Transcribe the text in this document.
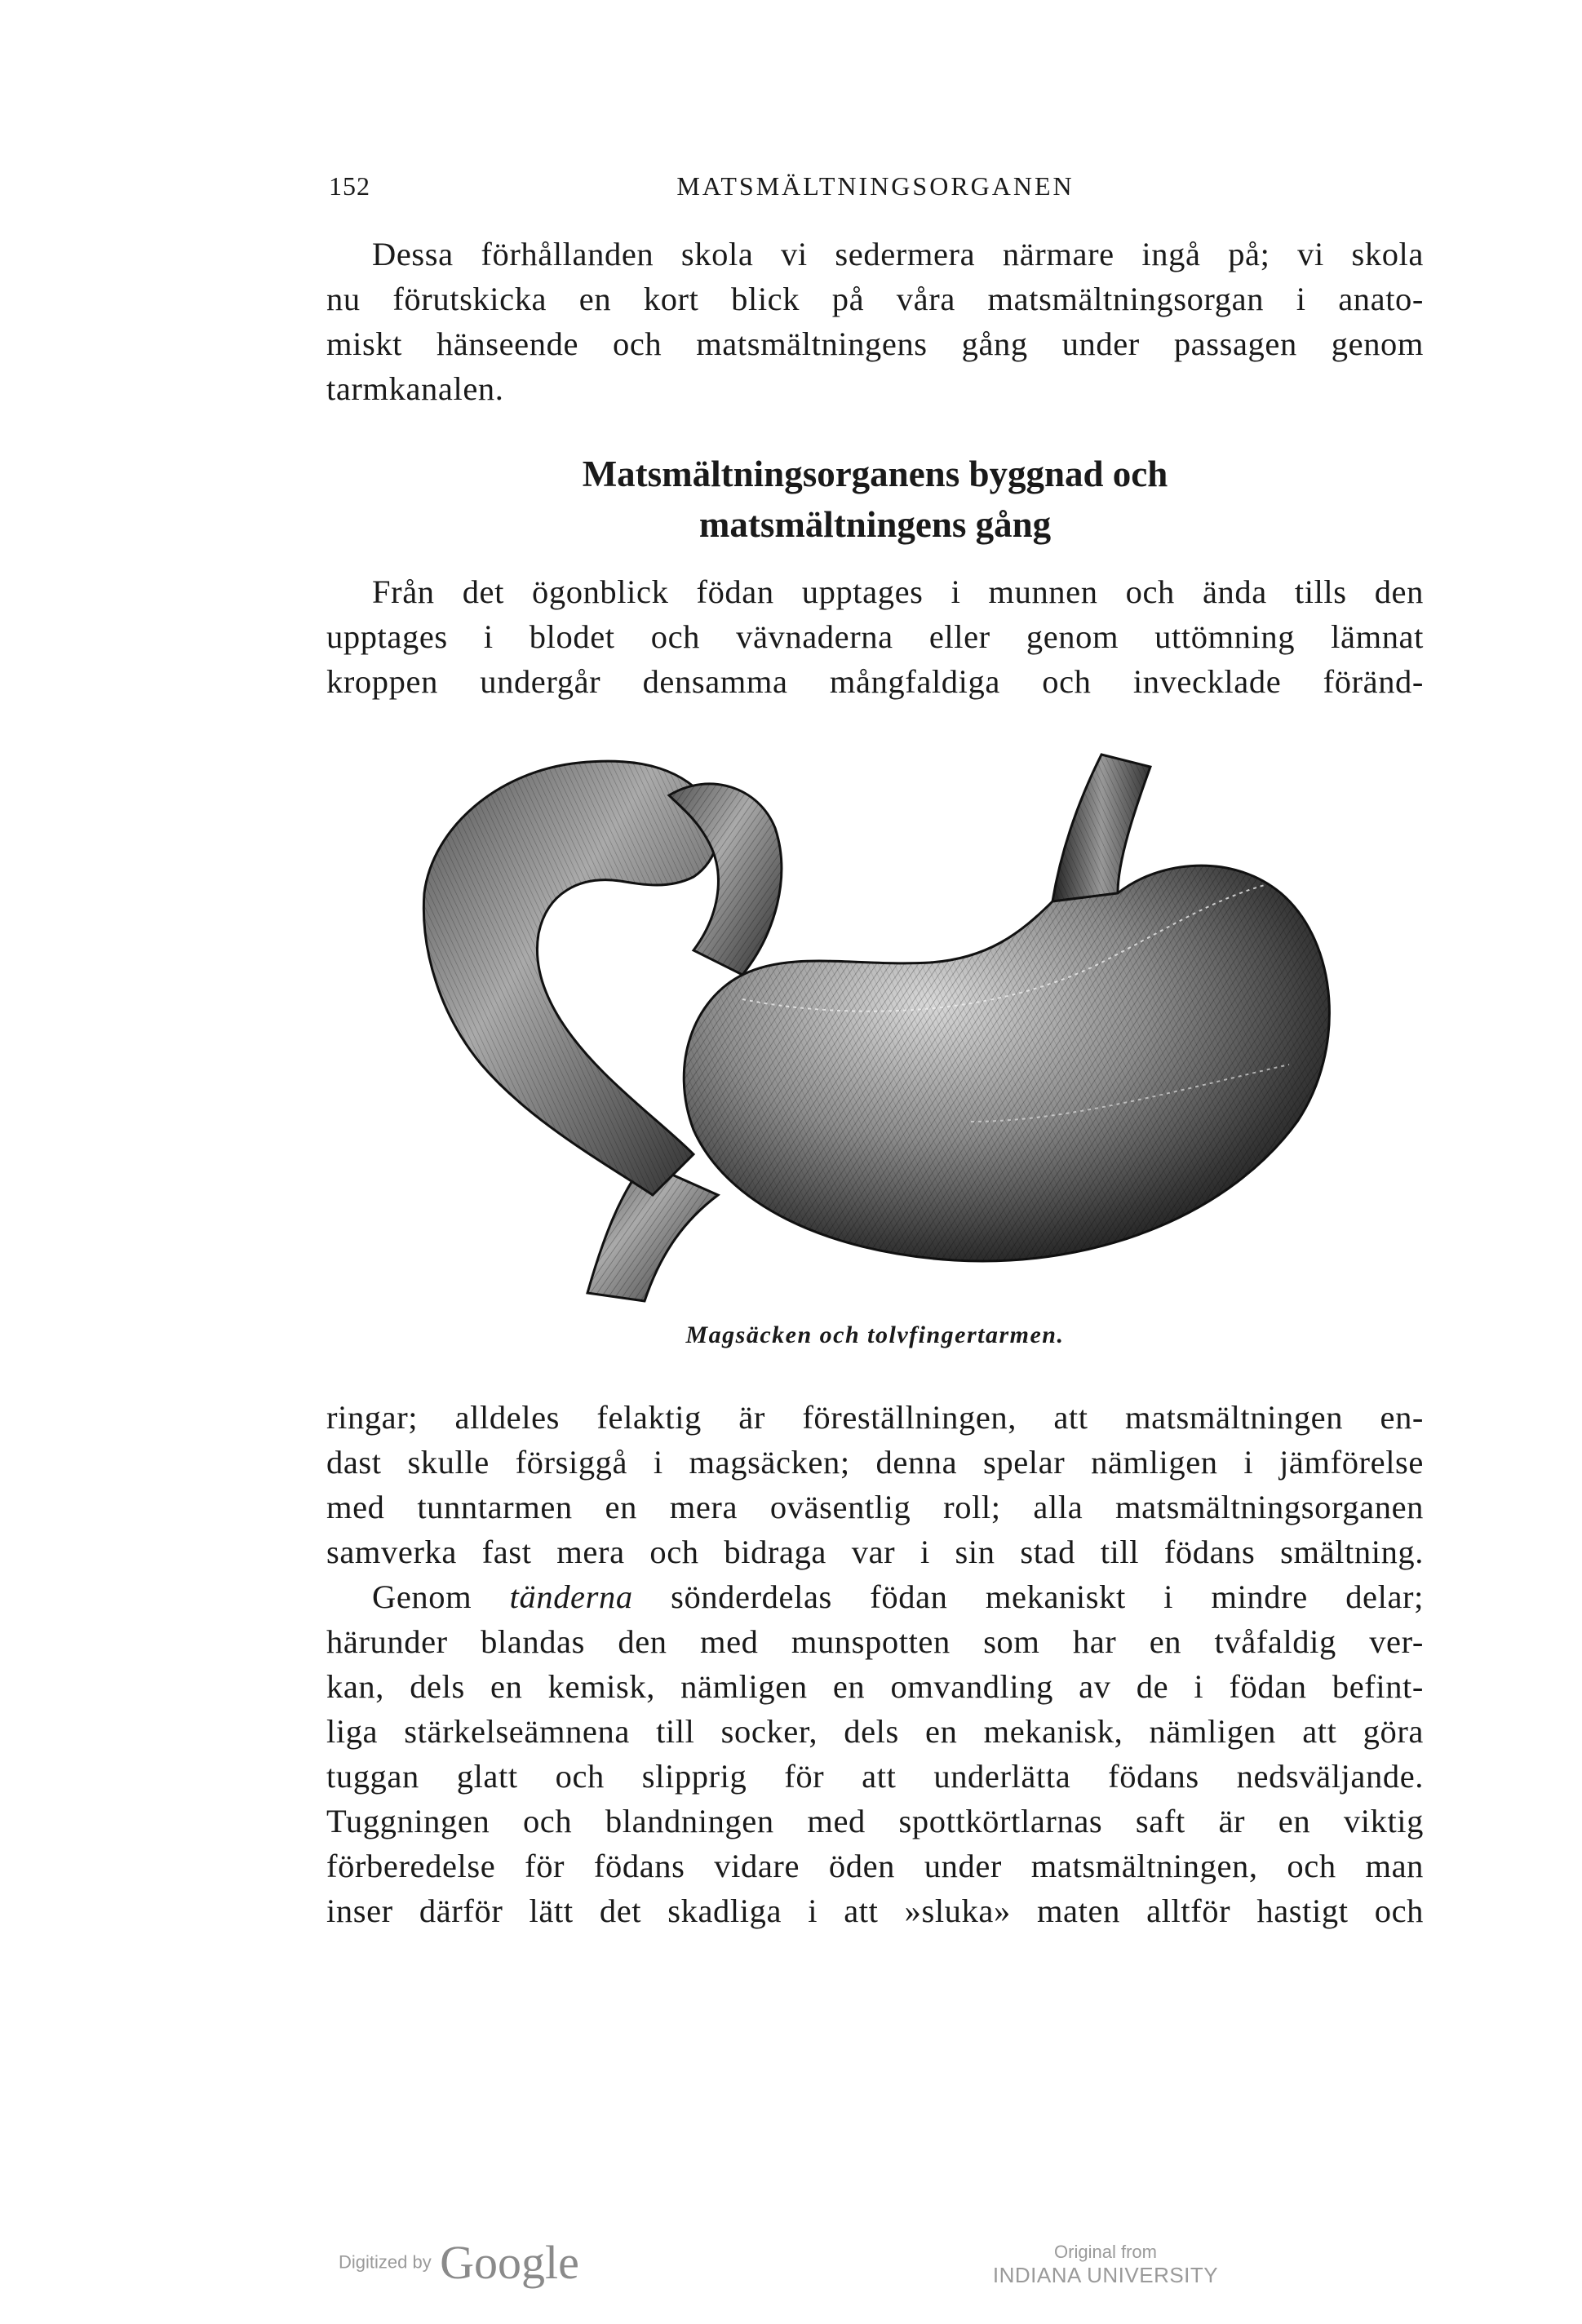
152	MATSMÄLTNINGSORGANEN
Dessa förhållanden skola vi sedermera närmare ingå på; vi skola
nu förutskicka en kort blick på våra matsmältningsorgan i anato-
miskt hänseende och matsmältningens gång under passagen genom
tarmkanalen.
Matsmältningsorganens byggnad och
matsmältningens gång
Från det ögonblick födan upptages i munnen och ända tills den
upptages i blodet och vävnaderna eller genom uttömning lämnat
kroppen undergår densamma mångfaldiga och invecklade föränd-
Magsäcken och tolvfingertarmen.
ringar; alldeles felaktig är föreställningen, att matsmältningen en-
dast skulle försiggå i magsäcken; denna spelar nämligen i jämförelse
med tunntarmen en mera oväsentlig roll; alla matsmältningsorganen
samverka fast mera och bidraga var i sin stad till födans smältning.
Genom tänderna sönderdelas födan mekaniskt i mindre delar;
härunder blandas den med munspotten som har en tvåfaldig ver-
kan, dels en kemisk, nämligen en omvandling av de i födan befint-
liga stärkelseämnena till socker, dels en mekanisk, nämligen att göra
tuggan glatt och slipprig för att underlätta födans nedsväljande.
Tuggningen och blandningen med spottkörtlarnas saft är en viktig
förberedelse för födans vidare öden under matsmältningen, och man
inser därför lätt det skadliga i att »sluka» maten alltför hastigt och
Digitized by Google	Original from
INDIANA UNIVERSITY
